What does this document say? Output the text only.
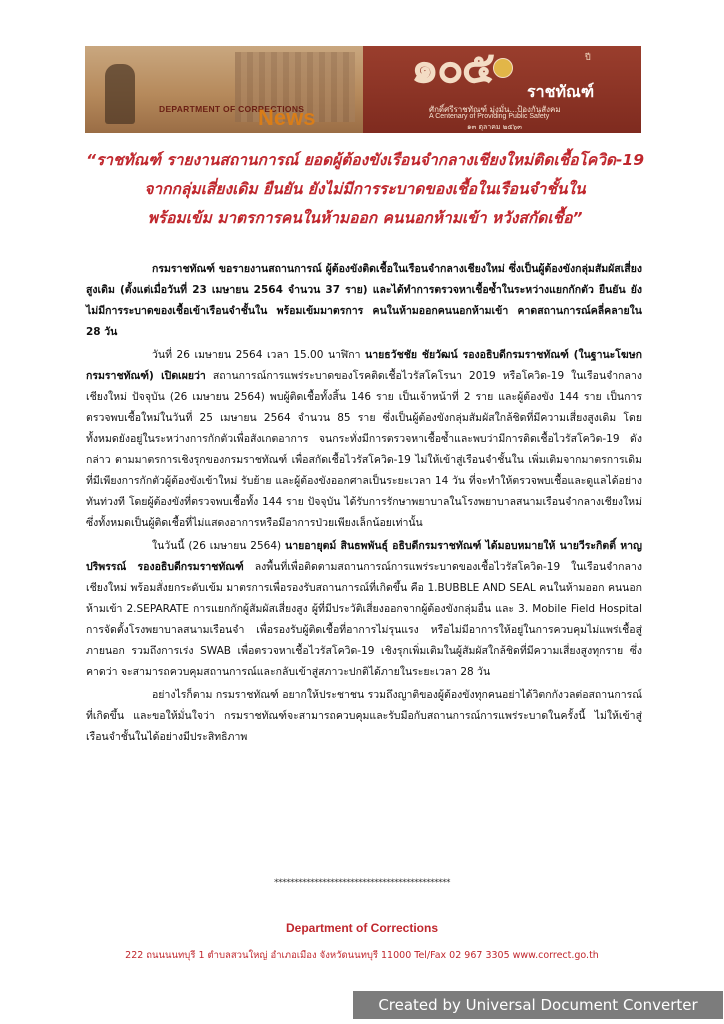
DEPARTMENT OF CORRECTIONS
News
๑๐๕	ปี
ราชทัณฑ์
ศักดิ์ศรีราชทัณฑ์ มุ่งมั่น...ป้องกันสังคม
A Centenary of Providing Public Safety
๑๓ ตุลาคม ๒๕๖๓
“ราชทัณฑ์ รายงานสถานการณ์ ยอดผู้ต้องขังเรือนจำกลางเชียงใหม่ติดเชื้อโควิด-19
จากกลุ่มเสี่ยงเดิม ยืนยัน ยังไม่มีการระบาดของเชื้อในเรือนจำชั้นใน
พร้อมเข้ม มาตรการคนในห้ามออก คนนอกห้ามเข้า หวังสกัดเชื้อ”

กรมราชทัณฑ์ ขอรายงานสถานการณ์ ผู้ต้องขังติดเชื้อในเรือนจำกลางเชียงใหม่ ซึ่งเป็นผู้ต้องขังกลุ่มสัมผัสเสี่ยงสูงเดิม (ตั้งแต่เมื่อวันที่ 23 เมษายน 2564 จำนวน 37 ราย) และได้ทำการตรวจหาเชื้อซ้ำในระหว่างแยกกักตัว ยืนยัน ยังไม่มีการระบาดของเชื้อเข้าเรือนจำชั้นใน พร้อมเข้มมาตรการ คนในห้ามออกคนนอกห้ามเข้า คาดสถานการณ์คลี่คลายใน 28 วัน

วันที่ 26 เมษายน 2564 เวลา 15.00 นาฬิกา นายธวัชชัย ชัยวัฒน์ รองอธิบดีกรมราชทัณฑ์ (ในฐานะโฆษกกรมราชทัณฑ์) เปิดเผยว่า สถานการณ์การแพร่ระบาดของโรคติดเชื้อไวรัสโคโรนา 2019 หรือโควิด-19 ในเรือนจำกลางเชียงใหม่ ปัจจุบัน (26 เมษายน 2564) พบผู้ติดเชื้อทั้งสิ้น 146 ราย เป็นเจ้าหน้าที่ 2 ราย และผู้ต้องขัง 144 ราย เป็นการตรวจพบเชื้อใหม่ในวันที่ 25 เมษายน 2564 จำนวน 85 ราย ซึ่งเป็นผู้ต้องขังกลุ่มสัมผัสใกล้ชิดที่มีความเสี่ยงสูงเดิม โดยทั้งหมดยังอยู่ในระหว่างการกักตัวเพื่อสังเกตอาการ จนกระทั่งมีการตรวจหาเชื้อซ้ำและพบว่ามีการติดเชื้อไวรัสโควิด-19 ดังกล่าว ตามมาตรการเชิงรุกของกรมราชทัณฑ์ เพื่อสกัดเชื้อไวรัสโควิด-19 ไม่ให้เข้าสู่เรือนจำชั้นใน เพิ่มเติมจากมาตรการเดิมที่มีเพียงการกักตัวผู้ต้องขังเข้าใหม่ รับย้าย และผู้ต้องขังออกศาลเป็นระยะเวลา 14 วัน ที่จะทำให้ตรวจพบเชื้อและดูแลได้อย่างทันท่วงที โดยผู้ต้องขังที่ตรวจพบเชื้อทั้ง 144 ราย ปัจจุบัน ได้รับการรักษาพยาบาลในโรงพยาบาลสนามเรือนจำกลางเชียงใหม่ ซึ่งทั้งหมดเป็นผู้ติดเชื้อที่ไม่แสดงอาการหรือมีอาการป่วยเพียงเล็กน้อยเท่านั้น

ในวันนี้ (26 เมษายน 2564) นายอายุตม์ สินธพพันธุ์ อธิบดีกรมราชทัณฑ์ ได้มอบหมายให้ นายวีระกิตติ์ หาญปริพรรณ์ รองอธิบดีกรมราชทัณฑ์ ลงพื้นที่เพื่อติดตามสถานการณ์การแพร่ระบาดของเชื้อไวรัสโควิด-19 ในเรือนจำกลางเชียงใหม่ พร้อมสั่งยกระดับเข้ม มาตรการเพื่อรองรับสถานการณ์ที่เกิดขึ้น คือ 1.BUBBLE AND SEAL คนในห้ามออก คนนอกห้ามเข้า 2.SEPARATE การแยกกักผู้สัมผัสเสี่ยงสูง ผู้ที่มีประวัติเสี่ยงออกจากผู้ต้องขังกลุ่มอื่น และ 3. Mobile Field Hospital การจัดตั้งโรงพยาบาลสนามเรือนจำ เพื่อรองรับผู้ติดเชื้อที่อาการไม่รุนแรง หรือไม่มีอาการให้อยู่ในการควบคุมไม่แพร่เชื้อสู่ภายนอก รวมถึงการเร่ง SWAB เพื่อตรวจหาเชื้อไวรัสโควิด-19 เชิงรุกเพิ่มเติมในผู้สัมผัสใกล้ชิดที่มีความเสี่ยงสูงทุกราย ซึ่งคาดว่า จะสามารถควบคุมสถานการณ์และกลับเข้าสู่สภาวะปกติได้ภายในระยะเวลา 28 วัน

อย่างไรก็ตาม กรมราชทัณฑ์ อยากให้ประชาชน รวมถึงญาติของผู้ต้องขังทุกคนอย่าได้วิตกกังวลต่อสถานการณ์ที่เกิดขึ้น และขอให้มั่นใจว่า กรมราชทัณฑ์จะสามารถควบคุมและรับมือกับสถานการณ์การแพร่ระบาดในครั้งนี้ ไม่ให้เข้าสู่เรือนจำชั้นในได้อย่างมีประสิทธิภาพ

********************************************
Department of Corrections
222 ถนนนนทบุรี 1 ตำบลสวนใหญ่ อำเภอเมือง จังหวัดนนทบุรี 11000 Tel/Fax 02 967 3305 www.correct.go.th
Created by Universal Document Converter
